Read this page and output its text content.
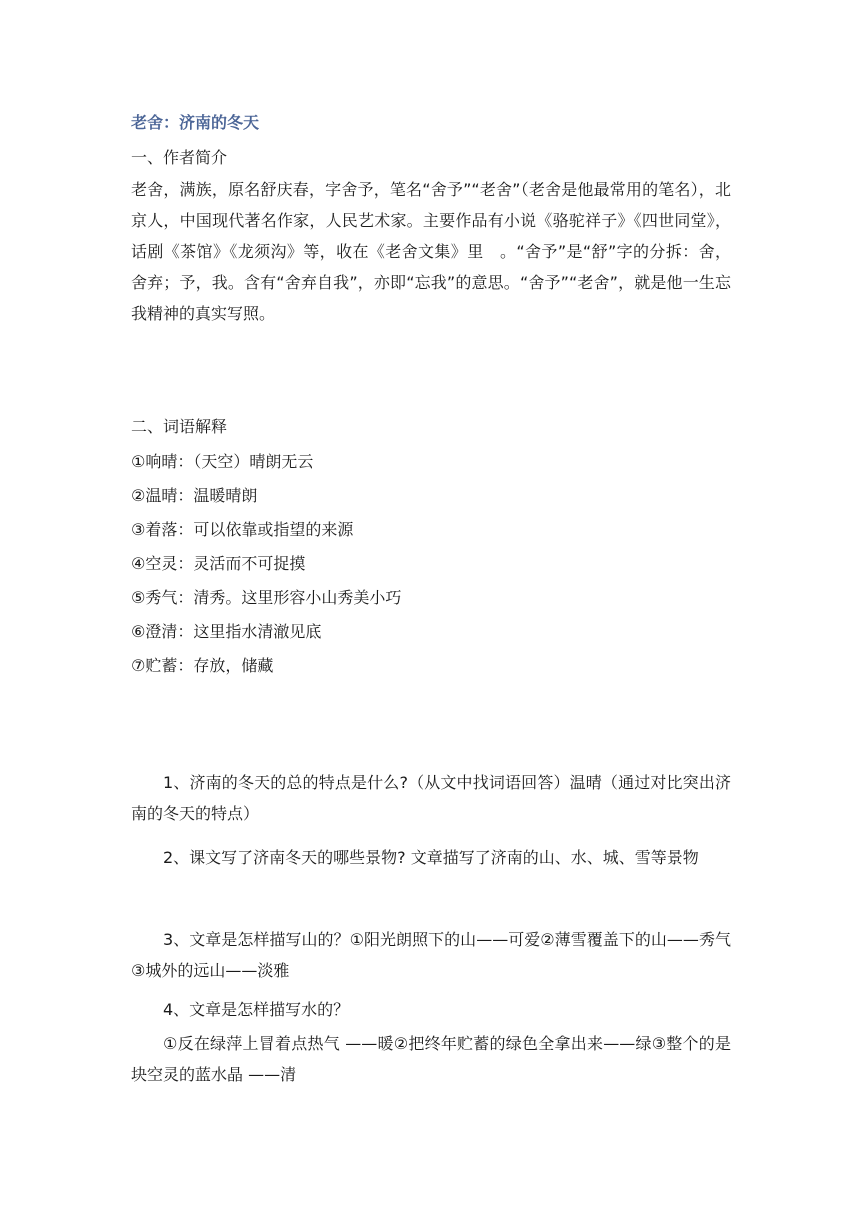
老舍：济南的冬天
一、作者简介
老舍，满族，原名舒庆春，字舍予，笔名“舍予”“老舍”（老舍是他最常用的笔名），北京人，中国现代著名作家，人民艺术家。主要作品有小说《骆驼祥子》《四世同堂》，话剧《茶馆》《龙须沟》等，收在《老舍文集》里　。“舍予”是“舒”字的分拆：舍，舍弃；予，我。含有“舍弃自我”，亦即“忘我”的意思。“舍予”“老舍”，就是他一生忘我精神的真实写照。
二、词语解释
①响晴：（天空）晴朗无云
②温晴：温暖晴朗
③着落：可以依靠或指望的来源
④空灵：灵活而不可捉摸
⑤秀气：清秀。这里形容小山秀美小巧
⑥澄清：这里指水清澈见底
⑦贮蓄：存放，储藏
1、济南的冬天的总的特点是什么?（从文中找词语回答）温晴（通过对比突出济南的冬天的特点）
2、课文写了济南冬天的哪些景物? 文章描写了济南的山、水、城、雪等景物
3、文章是怎样描写山的？①阳光朗照下的山——可爱②薄雪覆盖下的山——秀气③城外的远山——淡雅
4、文章是怎样描写水的？
①反在绿萍上冒着点热气 ——暖②把终年贮蓄的绿色全拿出来——绿③整个的是块空灵的蓝水晶 ——清
